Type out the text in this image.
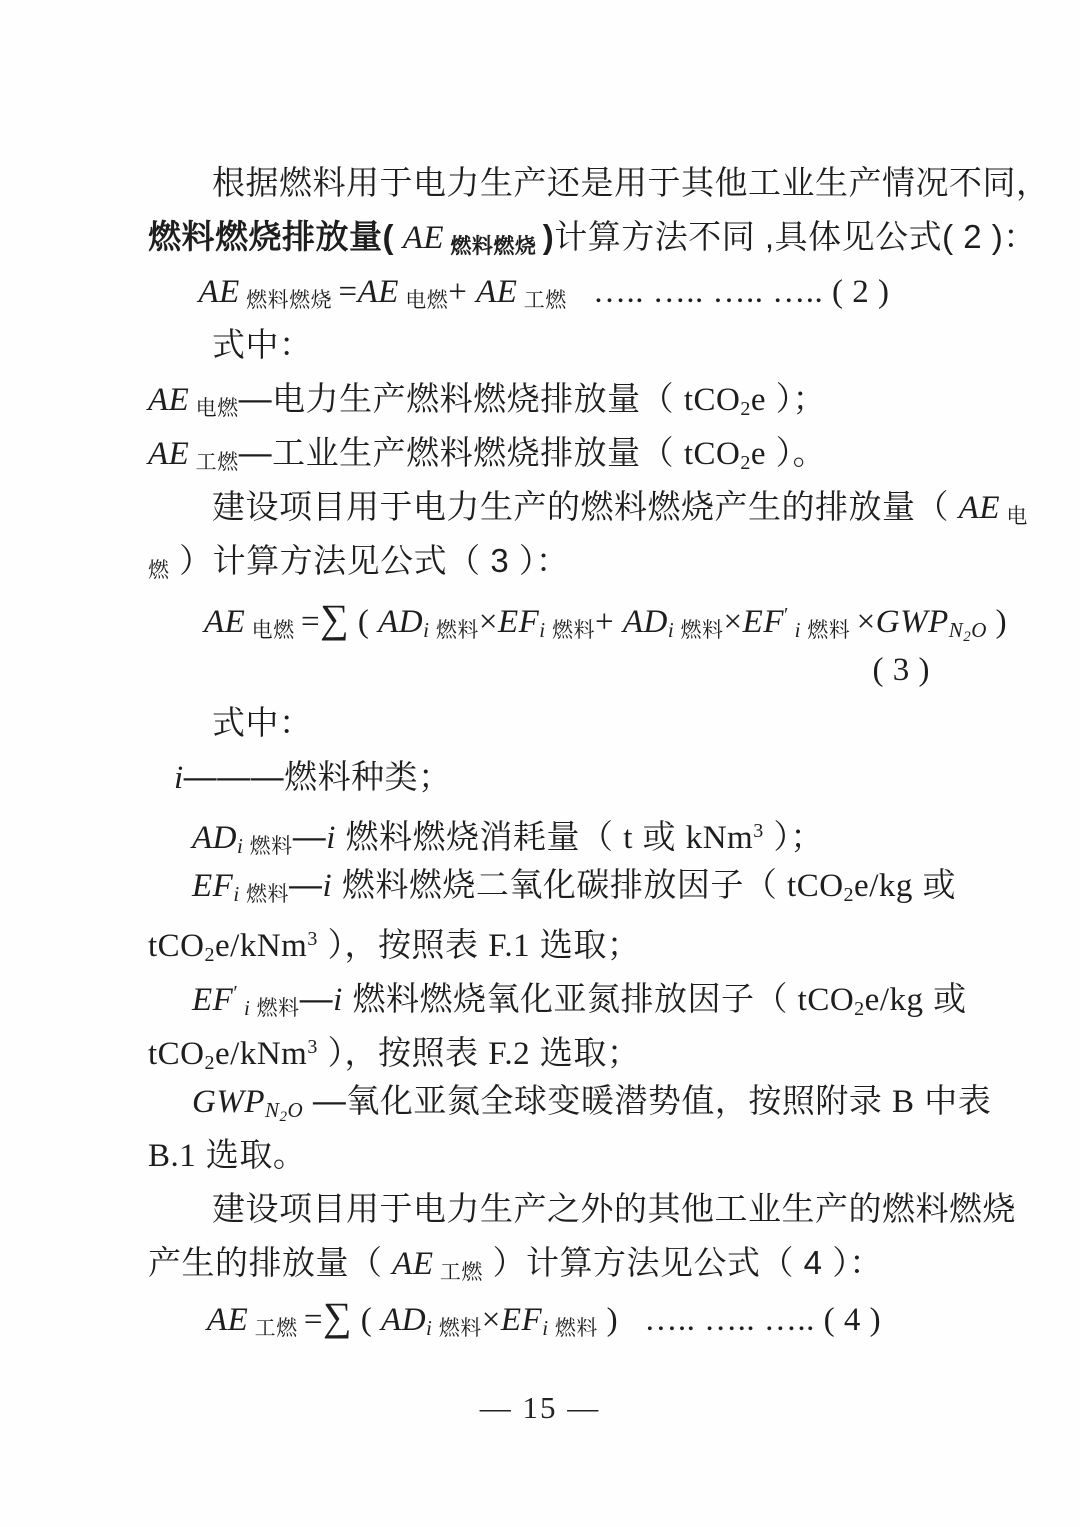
根据燃料用于电力生产还是用于其他工业生产情况不同，
燃料燃烧排放量( AE 燃料燃烧 )计算方法不同 ,具体见公式( 2 )：
AE 燃料燃烧 =AE 电燃+ AE 工燃   ….. ….. ….. ….. ( 2 )
式中：
AE 电燃—电力生产燃料燃烧排放量（ tCO2e ）；
AE 工燃—工业生产燃料燃烧排放量（ tCO2e ）。
建设项目用于电力生产的燃料燃烧产生的排放量（ AE 电
燃 ）计算方法见公式（ 3 ）：
AE 电燃 =∑ ( ADi 燃料×EFi 燃料+ ADi 燃料×EF′ i 燃料 $\times GWPN_2O$ )
( 3 )
式中：
i———燃料种类；
ADi 燃料—i 燃料燃烧消耗量（ t 或 kNm$^3$ ）；
EFi 燃料—i 燃料燃烧二氧化碳排放因子（ tCO2e/kg 或
tCO2e/kNm$^3$ ），按照表 F.1 选取；
EF′ i 燃料—i 燃料燃烧氧化亚氮排放因子（ tCO2e/kg 或
tCO2e/kNm$^3$ ），按照表 F.2 选取；
$GWPN_2O$ —氧化亚氮全球变暖潜势值，按照附录 B 中表
B.1 选取。
建设项目用于电力生产之外的其他工业生产的燃料燃烧
产生的排放量（ AE 工燃 ）计算方法见公式（ 4 ）：
AE 工燃 =∑ ( ADi 燃料×EFi 燃料 )   ….. ….. ….. ( 4 )
— 15 —
